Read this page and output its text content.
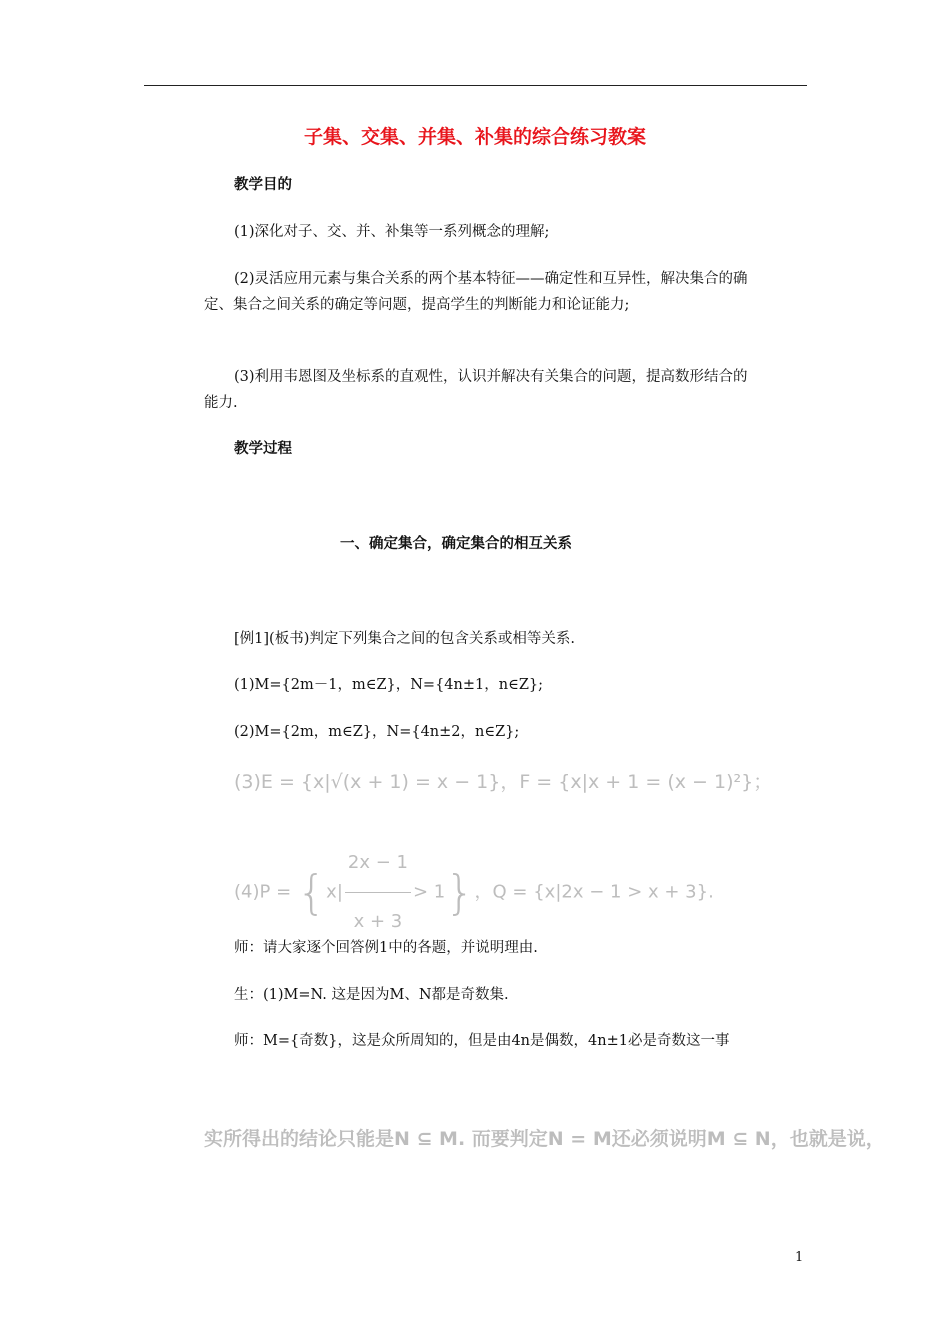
子集、交集、并集、补集的综合练习教案
教学目的
(1)深化对子、交、并、补集等一系列概念的理解;
(2)灵活应用元素与集合关系的两个基本特征——确定性和互异性，解决集合的确定、集合之间关系的确定等问题，提高学生的判断能力和论证能力;
(3)利用韦恩图及坐标系的直观性，认识并解决有关集合的问题，提高数形结合的能力.
教学过程
一、确定集合，确定集合的相互关系
[例1](板书)判定下列集合之间的包含关系或相等关系.
(1)M={2m－1，m∈Z}，N={4n±1，n∈Z};
(2)M={2m，m∈Z}，N={4n±2，n∈Z};
(3)E = {x|√(x + 1) = x − 1}，F = {x|x + 1 = (x − 1)²}；
$(4)P = \{x| \frac{2x - 1}{x + 3} > 1\}$，Q = {x|2x − 1 > x + 3}.
师：请大家逐个回答例1中的各题，并说明理由.
生：(1)M=N. 这是因为M、N都是奇数集.
师：M={奇数}，这是众所周知的，但是由4n是偶数，4n±1必是奇数这一事
实所得出的结论只能是N ⊆ M. 而要判定N = M还必须说明M ⊆ N，也就是说，
1
